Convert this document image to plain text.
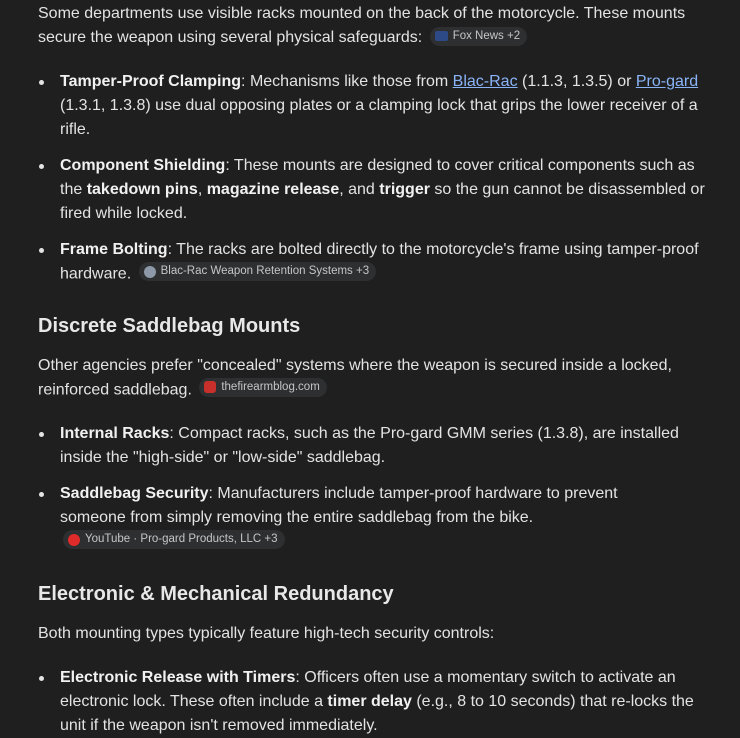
Some departments use visible racks mounted on the back of the motorcycle. These mounts secure the weapon using several physical safeguards:	Fox News +2

Tamper-Proof Clamping: Mechanisms like those from Blac-Rac (1.1.3, 1.3.5) or Pro-gard (1.3.1, 1.3.8) use dual opposing plates or a clamping lock that grips the lower receiver of a rifle.
Component Shielding: These mounts are designed to cover critical components such as the takedown pins, magazine release, and trigger so the gun cannot be disassembled or fired while locked.
Frame Bolting: The racks are bolted directly to the motorcycle's frame using tamper-proof hardware.	Blac-Rac Weapon Retention Systems +3
Discrete Saddlebag Mounts

Other agencies prefer "concealed" systems where the weapon is secured inside a locked, reinforced saddlebag.	thefirearmblog.com

Internal Racks: Compact racks, such as the Pro-gard GMM series (1.3.8), are installed inside the "high-side" or "low-side" saddlebag.
Saddlebag Security: Manufacturers include tamper-proof hardware to prevent someone from simply removing the entire saddlebag from the bike.
YouTube · Pro-gard Products, LLC +3
Electronic & Mechanical Redundancy

Both mounting types typically feature high-tech security controls:

Electronic Release with Timers: Officers often use a momentary switch to activate an electronic lock. These often include a timer delay (e.g., 8 to 10 seconds) that re-locks the unit if the weapon isn't removed immediately.
